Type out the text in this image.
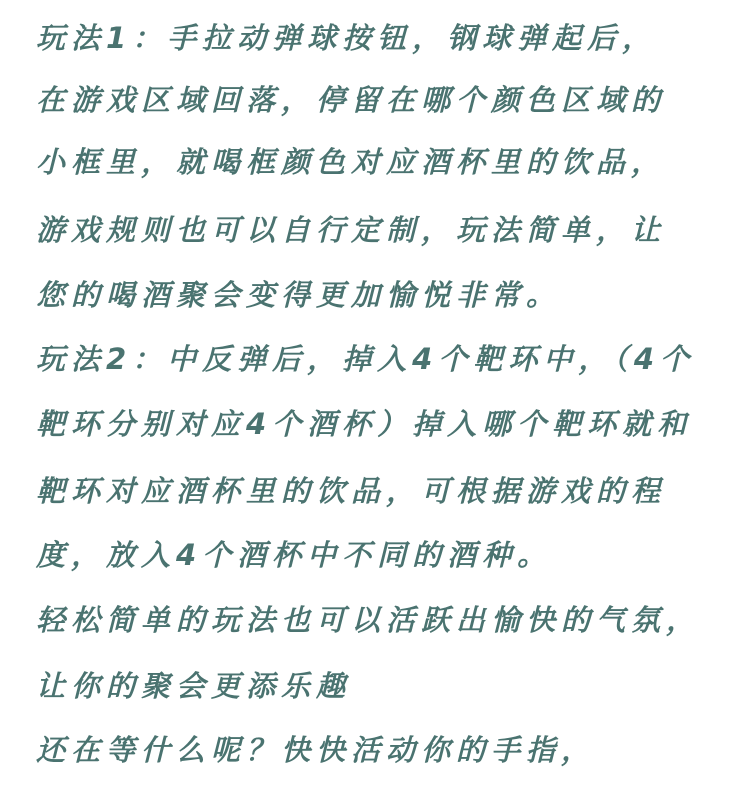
玩法1：手拉动弹球按钮，钢球弹起后，
在游戏区域回落，停留在哪个颜色区域的
小框里，就喝框颜色对应酒杯里的饮品，
游戏规则也可以自行定制，玩法简单，让
您的喝酒聚会变得更加愉悦非常。
玩法2：中反弹后，掉入4个靶环中，（4个
靶环分别对应4个酒杯）掉入哪个靶环就和
靶环对应酒杯里的饮品，可根据游戏的程
度，放入4个酒杯中不同的酒种。
轻松简单的玩法也可以活跃出愉快的气氛，
让你的聚会更添乐趣
还在等什么呢？快快活动你的手指，
